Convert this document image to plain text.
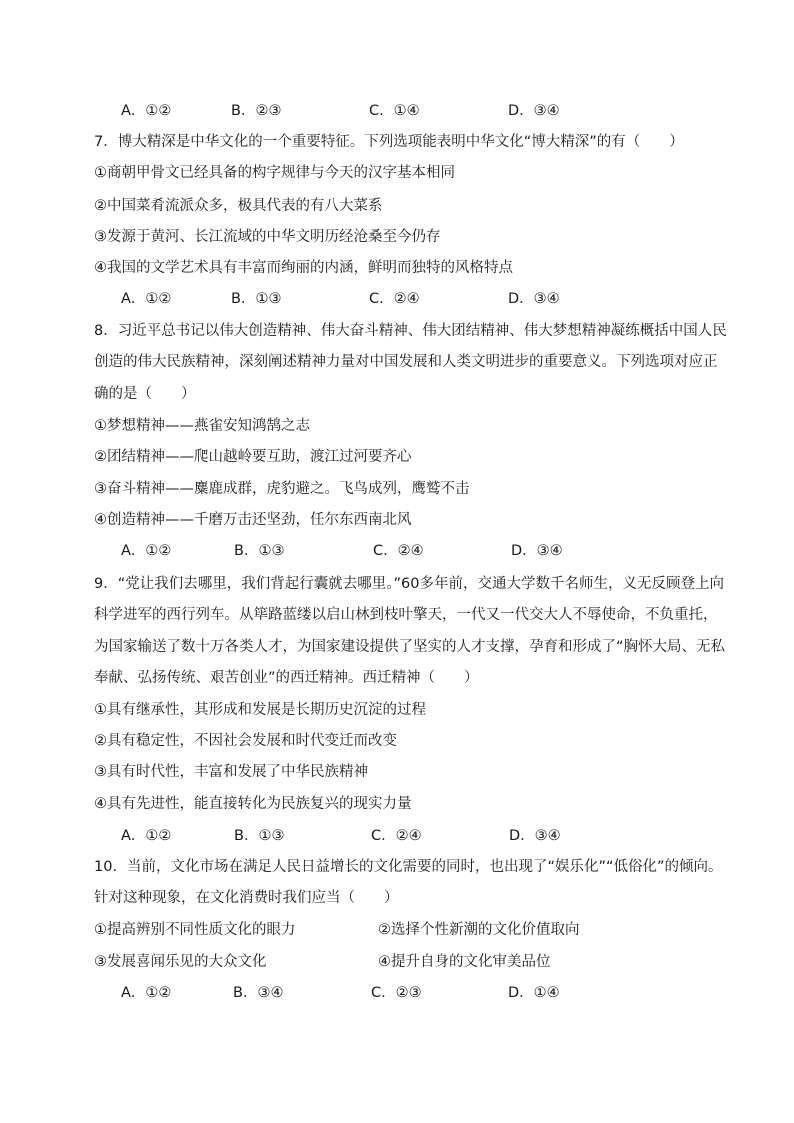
A．①②	B．②③	C．①④	D．③④
7．博大精深是中华文化的一个重要特征。下列选项能表明中华文化“博大精深”的有（　　）
①商朝甲骨文已经具备的构字规律与今天的汉字基本相同
②中国菜肴流派众多，极具代表的有八大菜系
③发源于黄河、长江流域的中华文明历经沧桑至今仍存
④我国的文学艺术具有丰富而绚丽的内涵，鲜明而独特的风格特点
A．①②	B．①③	C．②④	D．③④
8．习近平总书记以伟大创造精神、伟大奋斗精神、伟大团结精神、伟大梦想精神凝练概括中国人民
创造的伟大民族精神，深刻阐述精神力量对中国发展和人类文明进步的重要意义。下列选项对应正
确的是（　　）
①梦想精神——燕雀安知鸿鹄之志
②团结精神——爬山越岭要互助，渡江过河要齐心
③奋斗精神——麋鹿成群，虎豹避之。飞鸟成列，鹰鹫不击
④创造精神——千磨万击还坚劲，任尔东西南北风
A．①②	B．①③	C．②④	D．③④
9．“党让我们去哪里，我们背起行囊就去哪里。”60多年前，交通大学数千名师生，义无反顾登上向
科学进军的西行列车。从筚路蓝缕以启山林到枝叶擎天，一代又一代交大人不辱使命，不负重托，
为国家输送了数十万各类人才，为国家建设提供了坚实的人才支撑，孕育和形成了“胸怀大局、无私
奉献、弘扬传统、艰苦创业”的西迁精神。西迁精神（　　）
①具有继承性，其形成和发展是长期历史沉淀的过程
②具有稳定性，不因社会发展和时代变迁而改变
③具有时代性，丰富和发展了中华民族精神
④具有先进性，能直接转化为民族复兴的现实力量
A．①②	B．①③	C．②④	D．③④
10．当前，文化市场在满足人民日益增长的文化需要的同时，也出现了“娱乐化”“低俗化”的倾向。
针对这种现象，在文化消费时我们应当（　　）
①提高辨别不同性质文化的眼力	②选择个性新潮的文化价值取向
③发展喜闻乐见的大众文化	④提升自身的文化审美品位
A．①②	B．③④	C．②③	D．①④
